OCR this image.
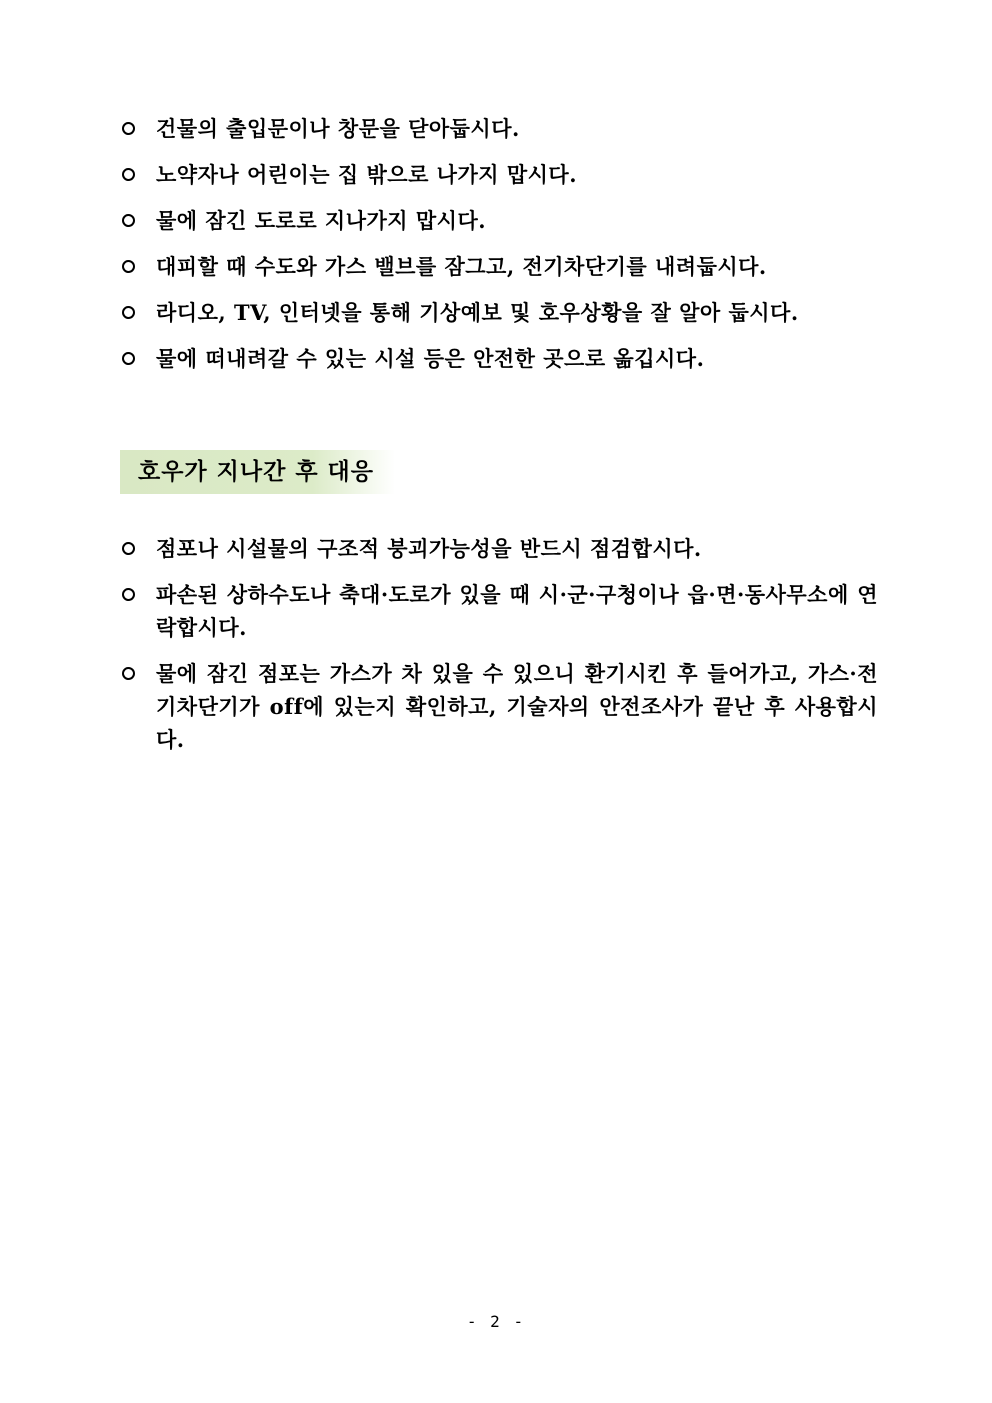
건물의 출입문이나 창문을 닫아둡시다.
노약자나 어린이는 집 밖으로 나가지 맙시다.
물에 잠긴 도로로 지나가지 맙시다.
대피할 때 수도와 가스 밸브를 잠그고, 전기차단기를 내려둡시다.
라디오, TV, 인터넷을 통해 기상예보 및 호우상황을 잘 알아 둡시다.
물에 떠내려갈 수 있는 시설 등은 안전한 곳으로 옮깁시다.
호우가 지나간 후 대응
점포나 시설물의 구조적 붕괴가능성을 반드시 점검합시다.
파손된 상하수도나 축대·도로가 있을 때 시·군·구청이나 읍·면·동사무소에 연락합시다.
물에 잠긴 점포는 가스가 차 있을 수 있으니 환기시킨 후 들어가고, 가스·전기차단기가 off에 있는지 확인하고, 기술자의 안전조사가 끝난 후 사용합시다.
- 2 -
